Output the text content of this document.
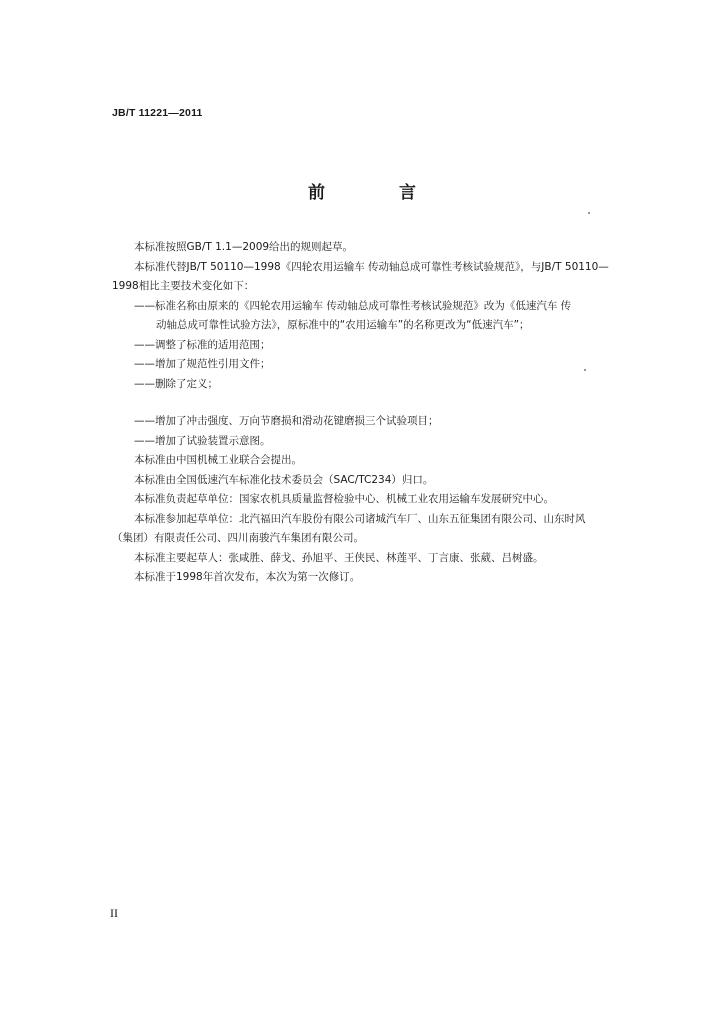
JB/T 11221—2011
前 言
本标准按照GB/T 1.1—2009给出的规则起草。
本标准代替JB/T 50110—1998《四轮农用运输车 传动轴总成可靠性考核试验规范》，与JB/T 50110—
1998相比主要技术变化如下：
——标准名称由原来的《四轮农用运输车 传动轴总成可靠性考核试验规范》改为《低速汽车 传
动轴总成可靠性试验方法》，原标准中的“农用运输车”的名称更改为“低速汽车”；
——调整了标准的适用范围；
——增加了规范性引用文件；
——删除了定义；
——增加了冲击强度、万向节磨损和滑动花键磨损三个试验项目；
——增加了试验装置示意图。
本标准由中国机械工业联合会提出。
本标准由全国低速汽车标准化技术委员会（SAC/TC234）归口。
本标准负责起草单位：国家农机具质量监督检验中心、机械工业农用运输车发展研究中心。
本标准参加起草单位：北汽福田汽车股份有限公司诸城汽车厂、山东五征集团有限公司、山东时风
（集团）有限责任公司、四川南骏汽车集团有限公司。
本标准主要起草人：张咸胜、薛戈、孙旭平、王侠民、林莲平、丁言康、张葳、吕树盛。
本标准于1998年首次发布，本次为第一次修订。
II
